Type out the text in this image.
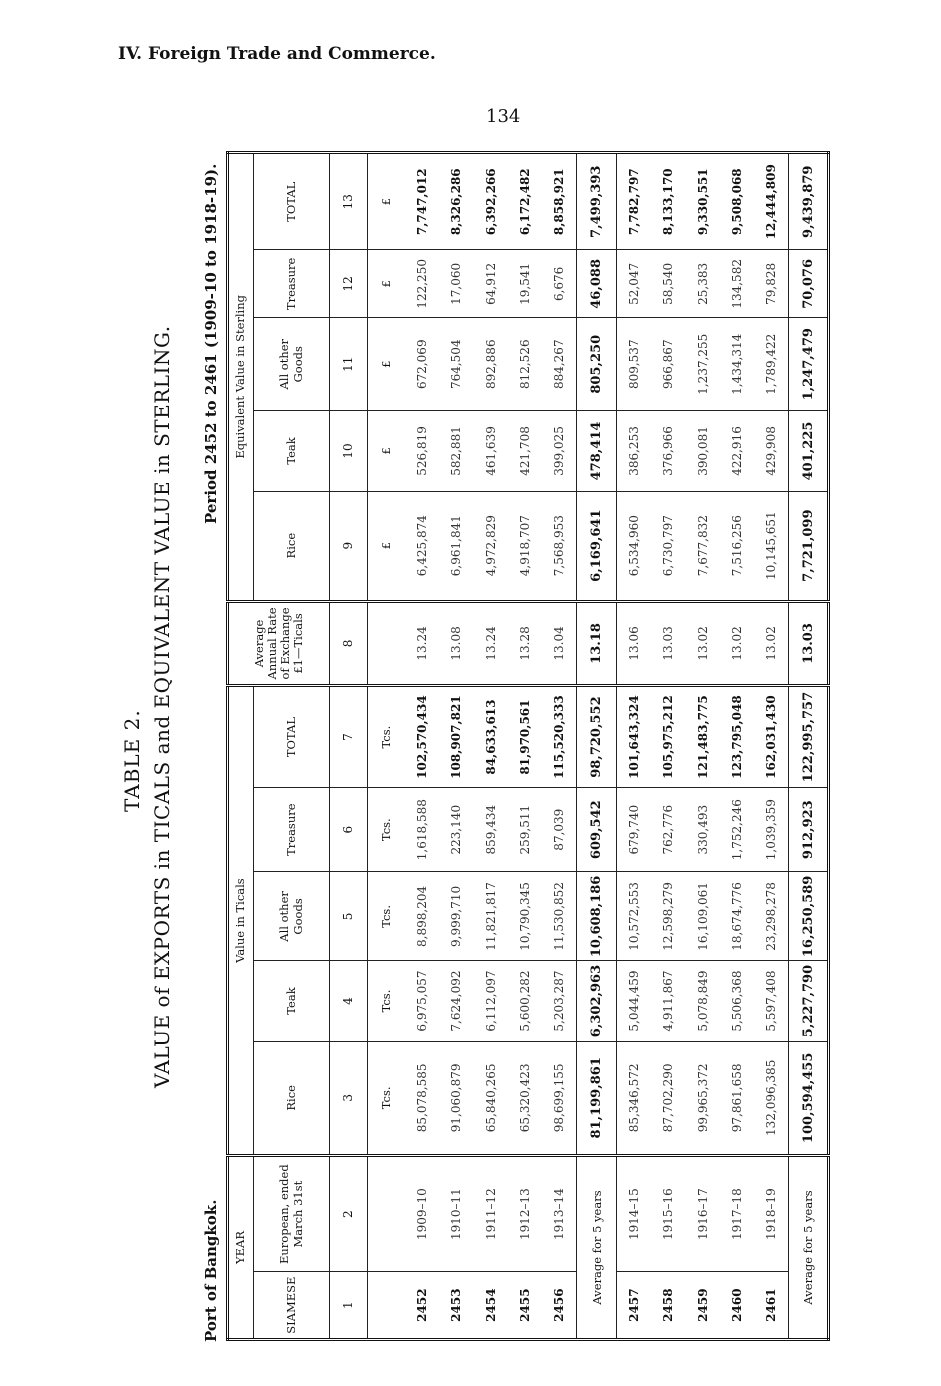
IV. Foreign Trade and Commerce.
134
TABLE 2. VALUE of EXPORTS in TICALS and EQUIVALENT VALUE in STERLING.
Port of Bangkok.
Period 2452 to 2461 (1909-10 to 1918-19).
YEAR		Value in Ticals					Average Annual Rate of Exchange £1—Ticals	Equivalent Value in Sterling				
SIAMESE	European, ended March 31st	Rice	Teak	All other Goods	Treasure	TOTAL		Rice	Teak	All other Goods	Treasure	TOTAL
1	2	3	4	5	6	7	8	9	10	11	12	13
		Tcs.	Tcs.	Tcs.	Tcs.	Tcs.		£	£	£	£	£
2452	1909–10	85,078,585	6,975,057	8,898,204	1,618,588	102,570,434	13.24	6,425,874	526,819	672,069	122,250	7,747,012
2453	1910–11	91,060,879	7,624,092	9,999,710	223,140	108,907,821	13.08	6,961,841	582,881	764,504	17,060	8,326,286
2454	1911–12	65,840,265	6,112,097	11,821,817	859,434	84,633,613	13.24	4,972,829	461,639	892,886	64,912	6,392,266
2455	1912–13	65,320,423	5,600,282	10,790,345	259,511	81,970,561	13.28	4,918,707	421,708	812,526	19,541	6,172,482
2456	1913–14	98,699,155	5,203,287	11,530,852	87,039	115,520,333	13.04	7,568,953	399,025	884,267	6,676	8,858,921
Average for 5 years		81,199,861	6,302,963	10,608,186	609,542	98,720,552	13.18	6,169,641	478,414	805,250	46,088	7,499,393
2457	1914–15	85,346,572	5,044,459	10,572,553	679,740	101,643,324	13.06	6,534,960	386,253	809,537	52,047	7,782,797
2458	1915–16	87,702,290	4,911,867	12,598,279	762,776	105,975,212	13.03	6,730,797	376,966	966,867	58,540	8,133,170
2459	1916–17	99,965,372	5,078,849	16,109,061	330,493	121,483,775	13.02	7,677,832	390,081	1,237,255	25,383	9,330,551
2460	1917–18	97,861,658	5,506,368	18,674,776	1,752,246	123,795,048	13.02	7,516,256	422,916	1,434,314	134,582	9,508,068
2461	1918–19	132,096,385	5,597,408	23,298,278	1,039,359	162,031,430	13.02	10,145,651	429,908	1,789,422	79,828	12,444,809
Average for 5 years		100,594,455	5,227,790	16,250,589	912,923	122,995,757	13.03	7,721,099	401,225	1,247,479	70,076	9,439,879
